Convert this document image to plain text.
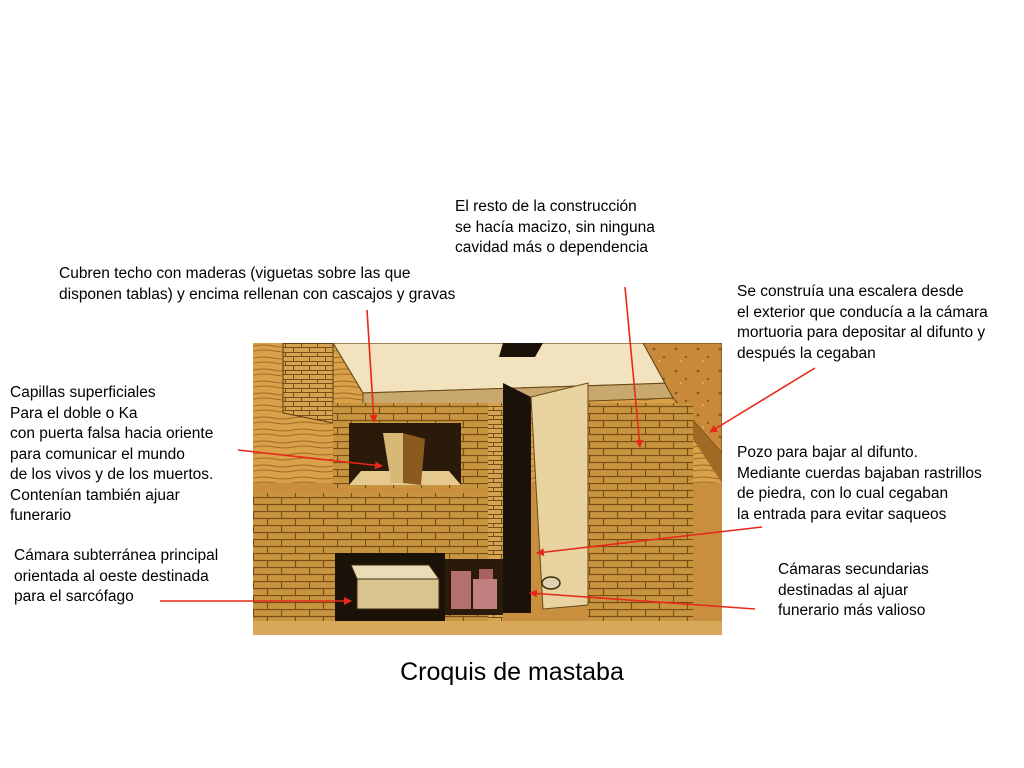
El resto de la construcción
se hacía macizo, sin ninguna
cavidad más o dependencia
Cubren techo con maderas (viguetas sobre las que
disponen tablas) y encima rellenan con cascajos y gravas	Se construía una escalera desde
el exterior que conducía a la cámara
mortuoria para depositar al difunto y
después la cegaban
Capillas superficiales
Para el doble o Ka
con puerta falsa hacia oriente
para comunicar el mundo
de los vivos y de los muertos.
Contenían también ajuar
funerario
Pozo para bajar al difunto.
Mediante cuerdas bajaban rastrillos
de piedra, con lo cual cegaban
la entrada para evitar saqueos
Cámara subterránea principal
orientada al oeste destinada
para el sarcófago
Cámaras secundarias
destinadas al ajuar
funerario más valioso
Croquis de mastaba
